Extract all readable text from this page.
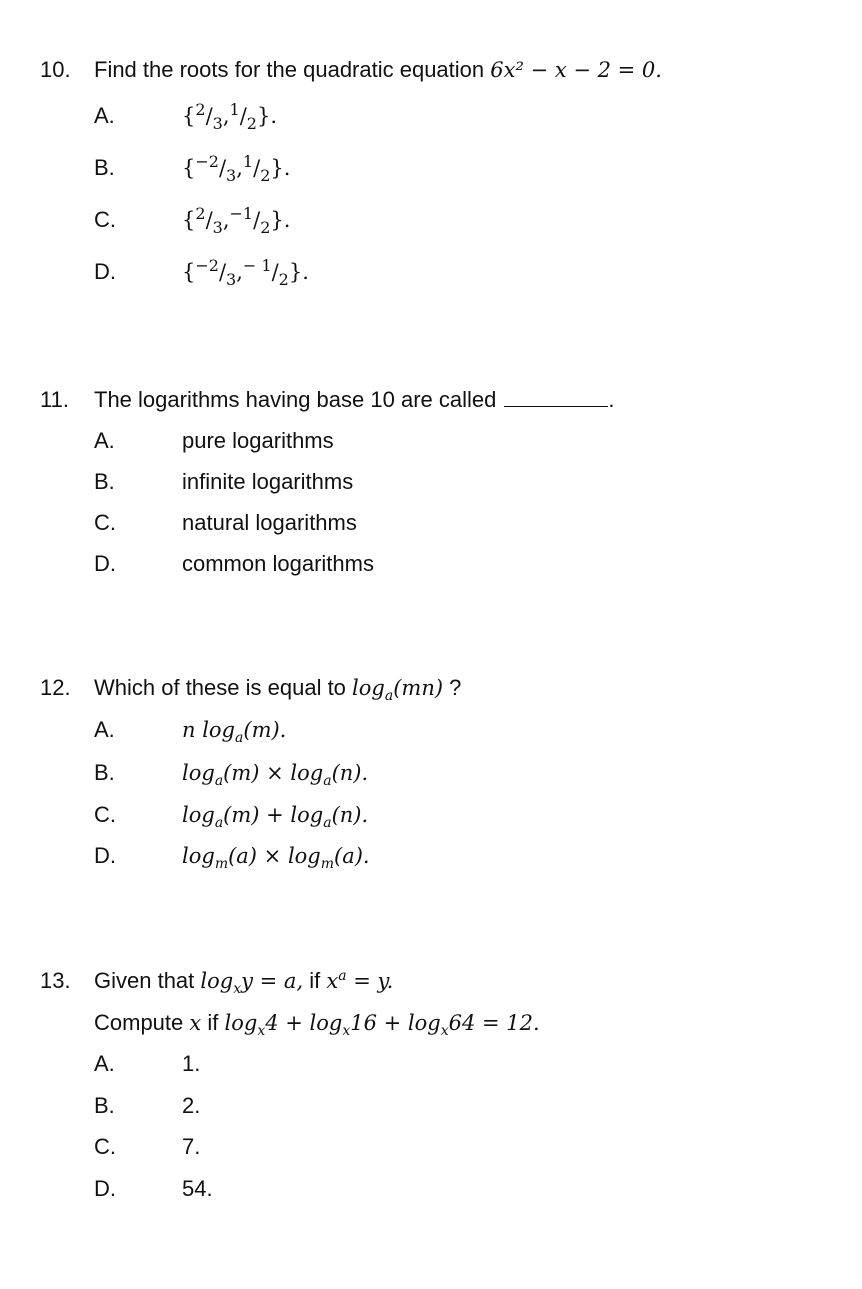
10. Find the roots for the quadratic equation 6x² − x − 2 = 0.
A.	$\{^2/_3,^1/_2\}$.
B.	$\{^{-2}/_3,^1/_2\}$.
C.	$\{^2/_3,^{-1}/_2\}$.
D.	$\{^{-2}/_3,^{- 1}/_2\}$.
11. The logarithms having base 10 are called	.
A.	pure logarithms
B.	infinite logarithms
C.	natural logarithms
D.	common logarithms
12. Which of these is equal to $\log_a(mn)$ ?
A.	n $\log_a(m)$.
B.	$\log_a(m) \times \log_a(n)$.
C.	$\log_a(m) + \log_a(n)$.
D.	$\log_m(a) \times \log_m(a)$.
13. Given that $\log_xy = a$, if $x^a = y$.
Compute x if $\log_x4 + \log_x16 + \log_x64 = 12$.
A.	1.
B.	2.
C.	7.
D.	54.
